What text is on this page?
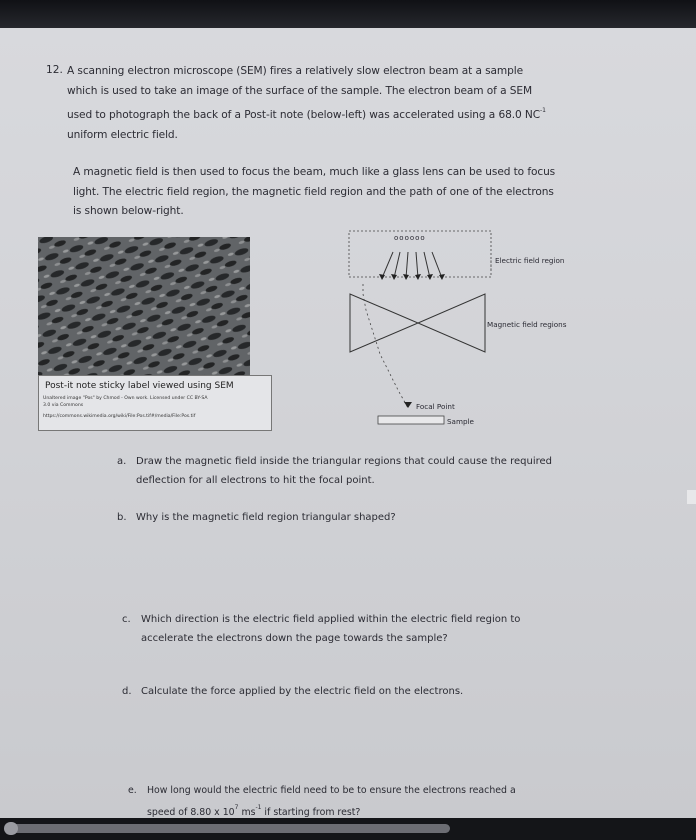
12. A scanning electron microscope (SEM) fires a relatively slow electron beam at a sample
which is used to take an image of the surface of the sample. The electron beam of a SEM
used to photograph the back of a Post-it note (below-left) was accelerated using a 68.0 $NC^{-1}$
uniform electric field.
A magnetic field is then used to focus the beam, much like a glass lens can be used to focus
light. The electric field region, the magnetic field region and the path of one of the electrons
is shown below-right.
Post-it note sticky label viewed using SEM
Unaltered image "Pos" by Chmod - Own work. Licensed under CC BY-SA
3.0 via Commons
https://commons.wikimedia.org/wiki/File:Pos.tif#/media/File:Pos.tif
oooooo
Electric field region
Magnetic field regions
Focal Point
Sample
a. Draw the magnetic field inside the triangular regions that could cause the required
deflection for all electrons to hit the focal point.
b. Why is the magnetic field region triangular shaped?
c. Which direction is the electric field applied within the electric field region to
accelerate the electrons down the page towards the sample?
d. Calculate the force applied by the electric field on the electrons.
e. How long would the electric field need to be to ensure the electrons reached a
speed of 8.80 x $10^7$ $ms^{-1}$ if starting from rest?
